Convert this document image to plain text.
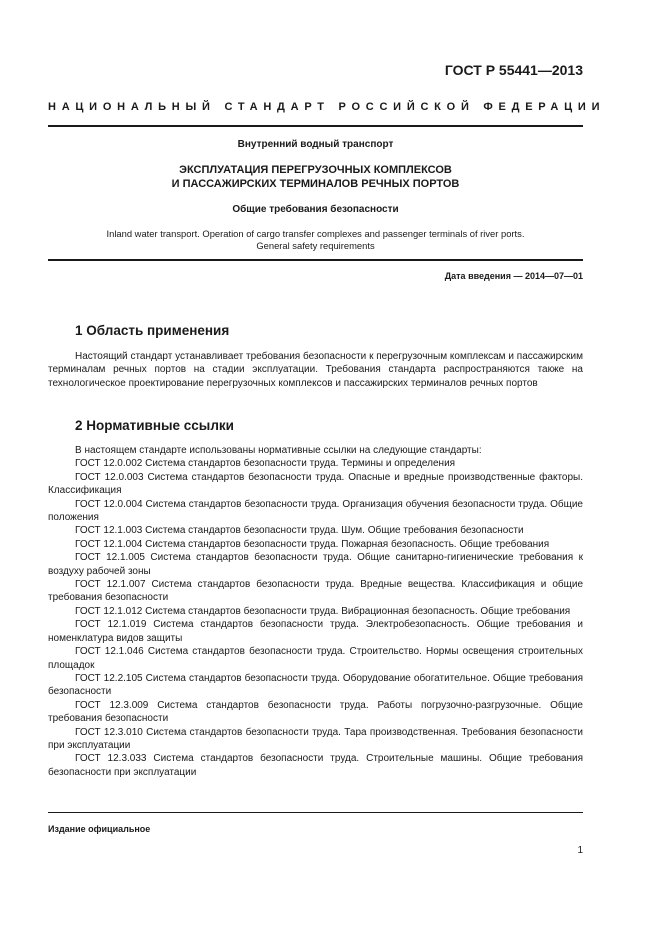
ГОСТ Р 55441—2013
НАЦИОНАЛЬНЫЙ СТАНДАРТ РОССИЙСКОЙ ФЕДЕРАЦИИ
Внутренний водный транспорт
ЭКСПЛУАТАЦИЯ ПЕРЕГРУЗОЧНЫХ КОМПЛЕКСОВ
И ПАССАЖИРСКИХ ТЕРМИНАЛОВ РЕЧНЫХ ПОРТОВ
Общие требования безопасности
Inland water transport. Operation of cargo transfer complexes and passenger terminals of river ports.
General safety requirements
Дата введения — 2014—07—01
1 Область применения

Настоящий стандарт устанавливает требования безопасности к перегрузочным комплексам и пассажирским терминалам речных портов на стадии эксплуатации. Требования стандарта распространяются также на технологическое проектирование перегрузочных комплексов и пассажирских терминалов речных портов

2 Нормативные ссылки

В настоящем стандарте использованы нормативные ссылки на следующие стандарты:

ГОСТ 12.0.002 Система стандартов безопасности труда. Термины и определения

ГОСТ 12.0.003 Система стандартов безопасности труда. Опасные и вредные производственные факторы. Классификация

ГОСТ 12.0.004 Система стандартов безопасности труда. Организация обучения безопасности труда. Общие положения

ГОСТ 12.1.003 Система стандартов безопасности труда. Шум. Общие требования безопасности

ГОСТ 12.1.004 Система стандартов безопасности труда. Пожарная безопасность. Общие требования

ГОСТ 12.1.005 Система стандартов безопасности труда. Общие санитарно-гигиенические требования к воздуху рабочей зоны

ГОСТ 12.1.007 Система стандартов безопасности труда. Вредные вещества. Классификация и общие требования безопасности

ГОСТ 12.1.012 Система стандартов безопасности труда. Вибрационная безопасность. Общие требования

ГОСТ 12.1.019 Система стандартов безопасности труда. Электробезопасность. Общие требования и номенклатура видов защиты

ГОСТ 12.1.046 Система стандартов безопасности труда. Строительство. Нормы освещения строительных площадок

ГОСТ 12.2.105 Система стандартов безопасности труда. Оборудование обогатительное. Общие требования безопасности

ГОСТ 12.3.009 Система стандартов безопасности труда. Работы погрузочно-разгрузочные. Общие требования безопасности

ГОСТ 12.3.010 Система стандартов безопасности труда. Тара производственная. Требования безопасности при эксплуатации

ГОСТ 12.3.033 Система стандартов безопасности труда. Строительные машины. Общие требования безопасности при эксплуатации

Издание официальное
1
